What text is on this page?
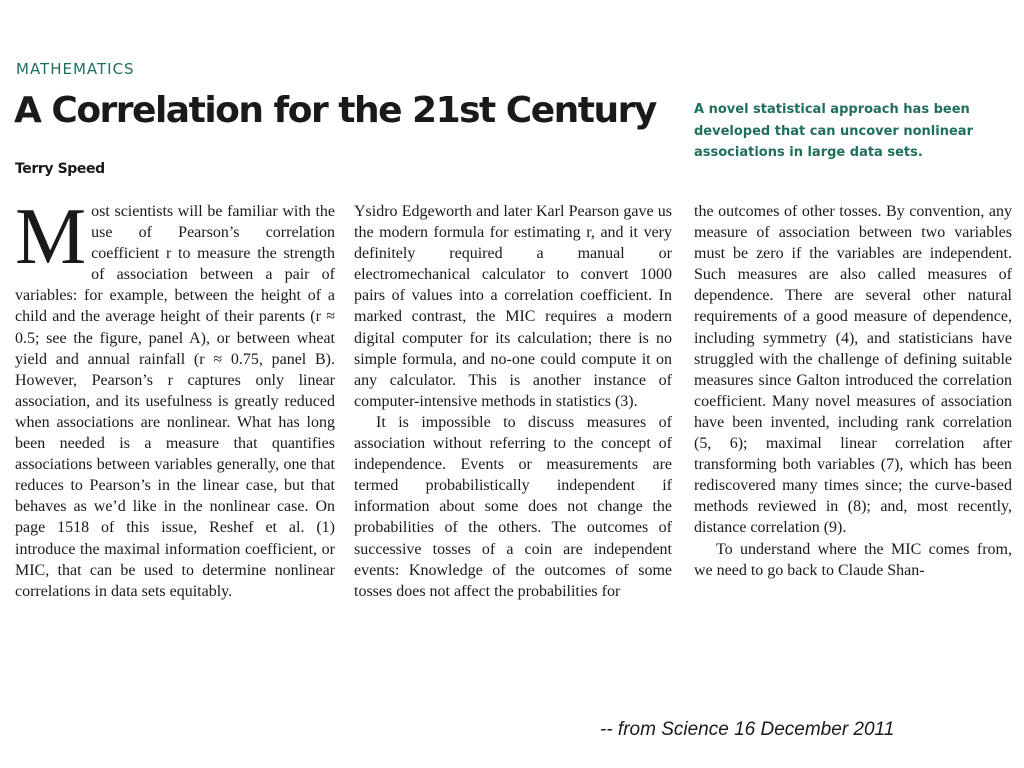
MATHEMATICS
A Correlation for the 21st Century
Terry Speed
A novel statistical approach has been developed that can uncover nonlinear associations in large data sets.
M ost scientists will be familiar with the use of Pearson’s correlation coefficient r to measure the strength of association between a pair of variables: for example, between the height of a child and the average height of their parents (r ≈ 0.5; see the figure, panel A), or between wheat yield and annual rainfall (r ≈ 0.75, panel B). However, Pearson’s r captures only linear association, and its usefulness is greatly reduced when associations are nonlinear. What has long been needed is a measure that quantifies associations between variables generally, one that reduces to Pearson’s in the linear case, but that behaves as we’d like in the nonlinear case. On page 1518 of this issue, Reshef et al. (1) introduce the maximal information coefficient, or MIC, that can be used to determine nonlinear correlations in data sets equitably.

Ysidro Edgeworth and later Karl Pearson gave us the modern formula for estimating r, and it very definitely required a manual or electromechanical calculator to convert 1000 pairs of values into a correlation coefficient. In marked contrast, the MIC requires a modern digital computer for its calculation; there is no simple formula, and no-one could compute it on any calculator. This is another instance of computer-intensive methods in statistics (3).

It is impossible to discuss measures of association without referring to the concept of independence. Events or measurements are termed probabilistically independent if information about some does not change the probabilities of the others. The outcomes of successive tosses of a coin are independent events: Knowledge of the outcomes of some tosses does not affect the probabilities for

the outcomes of other tosses. By convention, any measure of association between two variables must be zero if the variables are independent. Such measures are also called measures of dependence. There are several other natural requirements of a good measure of dependence, including symmetry (4), and statisticians have struggled with the challenge of defining suitable measures since Galton introduced the correlation coefficient. Many novel measures of association have been invented, including rank correlation (5, 6); maximal linear correlation after transforming both variables (7), which has been rediscovered many times since; the curve-based methods reviewed in (8); and, most recently, distance correlation (9).

To understand where the MIC comes from, we need to go back to Claude Shan-

-- from Science 16 December 2011
